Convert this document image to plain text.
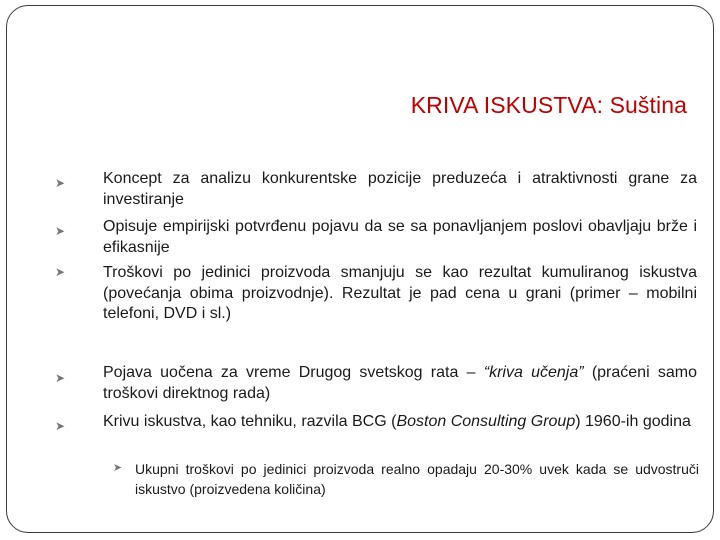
KRIVA ISKUSTVA: Suština
➤ Koncept za analizu konkurentske pozicije preduzeća i atraktivnosti grane za investiranje
➤ Opisuje empirijski potvrđenu pojavu da se sa ponavljanjem poslovi obavljaju brže i efikasnije
➤ Troškovi po jedinici proizvoda smanjuju se kao rezultat kumuliranog iskustva (povećanja obima proizvodnje). Rezultat je pad cena u grani (primer – mobilni telefoni, DVD i sl.)
➤ Pojava uočena za vreme Drugog svetskog rata – “kriva učenja” (praćeni samo troškovi direktnog rada)
➤ Krivu iskustva, kao tehniku, razvila BCG (Boston Consulting Group) 1960-ih godina
➤ Ukupni troškovi po jedinici proizvoda realno opadaju 20-30% uvek kada se udvostruči iskustvo (proizvedena količina)
